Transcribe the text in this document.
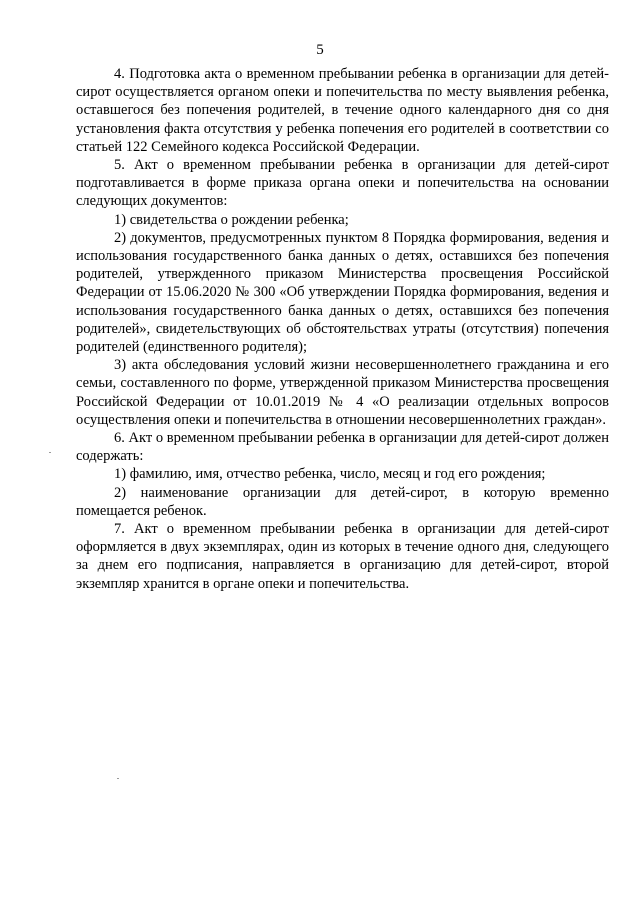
5

4. Подготовка акта о временном пребывании ребенка в организации для детей-сирот осуществляется органом опеки и попечительства по месту выявления ребенка, оставшегося без попечения родителей, в течение одного календарного дня со дня установления факта отсутствия у ребенка попечения его родителей в соответствии со статьей 122 Семейного кодекса Российской Федерации.

5. Акт о временном пребывании ребенка в организации для детей-сирот подготавливается в форме приказа органа опеки и попечительства на основании следующих документов:

1) свидетельства о рождении ребенка;

2) документов, предусмотренных пунктом 8 Порядка формирования, ведения и использования государственного банка данных о детях, оставшихся без попечения родителей, утвержденного приказом Министерства просвещения Российской Федерации от 15.06.2020 № 300 «Об утверждении Порядка формирования, ведения и использования государственного банка данных о детях, оставшихся без попечения родителей», свидетельствующих об обстоятельствах утраты (отсутствия) попечения родителей (единственного родителя);

3) акта обследования условий жизни несовершеннолетнего гражданина и его семьи, составленного по форме, утвержденной приказом Министерства просвещения Российской Федерации от 10.01.2019 № 4 «О реализации отдельных вопросов осуществления опеки и попечительства в отношении несовершеннолетних граждан».

6. Акт о временном пребывании ребенка в организации для детей-сирот должен содержать:

1) фамилию, имя, отчество ребенка, число, месяц и год его рождения;

2) наименование организации для детей-сирот, в которую временно помещается ребенок.

7. Акт о временном пребывании ребенка в организации для детей-сирот оформляется в двух экземплярах, один из которых в течение одного дня, следующего за днем его подписания, направляется в организацию для детей-сирот, второй экземпляр хранится в органе опеки и попечительства.
